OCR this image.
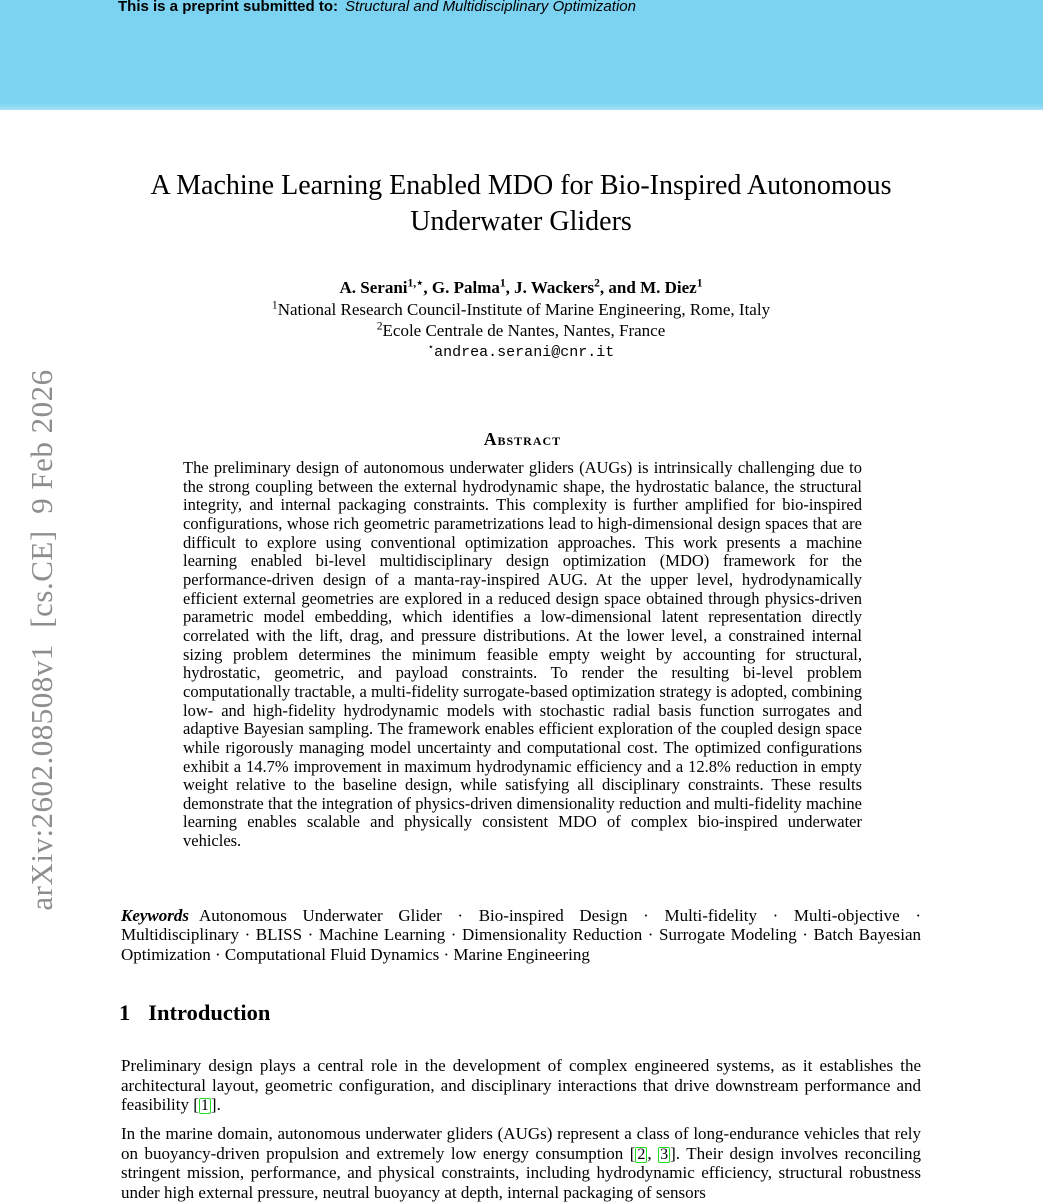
This is a preprint submitted to: Structural and Multidisciplinary Optimization
arXiv:2602.08508v1  [cs.CE]  9 Feb 2026
A Machine Learning Enabled MDO for Bio-Inspired Autonomous Underwater Gliders
A. Serani$^{1,⋆}$, G. Palma$^1$, J. Wackers$^2$, and M. Diez$^1$
$^1$National Research Council-Institute of Marine Engineering, Rome, Italy
$^2$Ecole Centrale de Nantes, Nantes, France
⋆andrea.serani@cnr.it
Abstract
The preliminary design of autonomous underwater gliders (AUGs) is intrinsically challenging due to the strong coupling between the external hydrodynamic shape, the hydrostatic balance, the structural integrity, and internal packaging constraints. This complexity is further amplified for bio-inspired configurations, whose rich geometric parametrizations lead to high-dimensional design spaces that are difficult to explore using conventional optimization approaches. This work presents a machine learning enabled bi-level multidisciplinary design optimization (MDO) framework for the performance-driven design of a manta-ray-inspired AUG. At the upper level, hydrodynamically efficient external geometries are explored in a reduced design space obtained through physics-driven parametric model embedding, which identifies a low-dimensional latent representation directly correlated with the lift, drag, and pressure distributions. At the lower level, a constrained internal sizing problem determines the minimum feasible empty weight by accounting for structural, hydrostatic, geometric, and payload constraints. To render the resulting bi-level problem computationally tractable, a multi-fidelity surrogate-based optimization strategy is adopted, combining low- and high-fidelity hydrodynamic models with stochastic radial basis function surrogates and adaptive Bayesian sampling. The framework enables efficient exploration of the coupled design space while rigorously managing model uncertainty and computational cost. The optimized configurations exhibit a 14.7% improvement in maximum hydrodynamic efficiency and a 12.8% reduction in empty weight relative to the baseline design, while satisfying all disciplinary constraints. These results demonstrate that the integration of physics-driven dimensionality reduction and multi-fidelity machine learning enables scalable and physically consistent MDO of complex bio-inspired underwater vehicles.
Keywords Autonomous Underwater Glider · Bio-inspired Design · Multi-fidelity · Multi-objective · Multidisciplinary · BLISS · Machine Learning · Dimensionality Reduction · Surrogate Modeling · Batch Bayesian Optimization · Computational Fluid Dynamics · Marine Engineering
1 Introduction
Preliminary design plays a central role in the development of complex engineered systems, as it establishes the architectural layout, geometric configuration, and disciplinary interactions that drive downstream performance and feasibility [ 1 ].
In the marine domain, autonomous underwater gliders (AUGs) represent a class of long-endurance vehicles that rely on buoyancy-driven propulsion and extremely low energy consumption [ 2 , 3 ]. Their design involves reconciling stringent mission, performance, and physical constraints, including hydrodynamic efficiency, structural robustness under high external pressure, neutral buoyancy at depth, internal packaging of sensors
